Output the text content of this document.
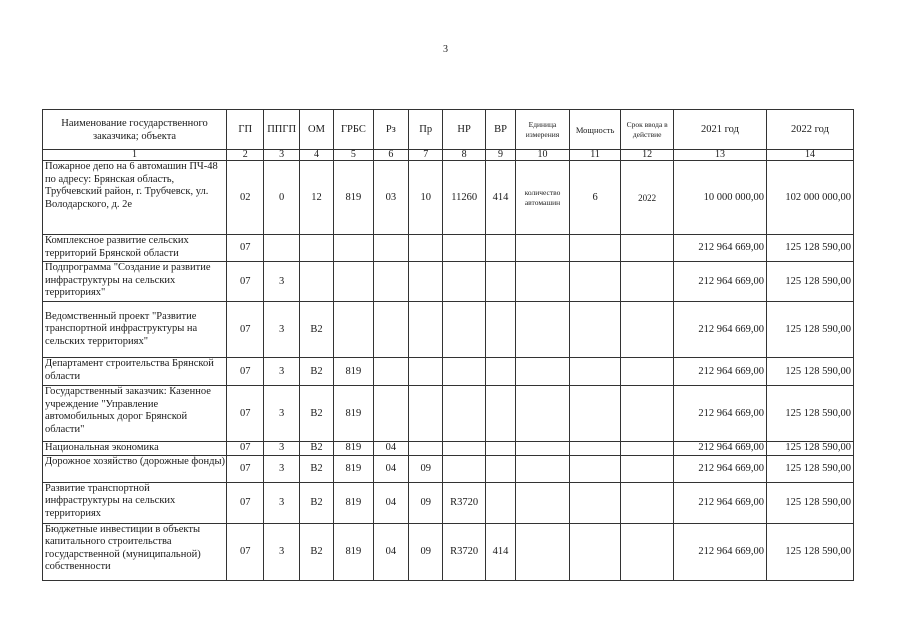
3
Наименование государственного заказчика; объекта	ГП	ППГП	ОМ	ГРБС	Рз	Пр	НР	ВР	Единица измерения	Мощность	Срок ввода в действие	2021 год	2022 год
1	2	3	4	5	6	7	8	9	10	11	12	13	14
Пожарное депо на 6 автомашин ПЧ-48 по адресу: Брянская область, Трубчевский район, г. Трубчевск, ул. Володарского, д. 2е	02	0	12	819	03	10	11260	414	количество автомашин	6	2022	10 000 000,00	102 000 000,00
Комплексное развитие сельских территорий Брянской области	07											212 964 669,00	125 128 590,00
Подпрограмма "Создание и развитие инфраструктуры на сельских территориях"	07	3										212 964 669,00	125 128 590,00
Ведомственный проект "Развитие транспортной инфраструктуры на сельских территориях"	07	3	В2									212 964 669,00	125 128 590,00
Департамент строительства Брянской области	07	3	В2	819								212 964 669,00	125 128 590,00
Государственный заказчик: Казенное учреждение "Управление автомобильных дорог Брянской области"	07	3	В2	819								212 964 669,00	125 128 590,00
Национальная экономика	07	3	В2	819	04							212 964 669,00	125 128 590,00
Дорожное хозяйство (дорожные фонды)	07	3	В2	819	04	09						212 964 669,00	125 128 590,00
Развитие транспортной инфраструктуры на сельских территориях	07	3	В2	819	04	09	R3720					212 964 669,00	125 128 590,00
Бюджетные инвестиции в объекты капитального строительства государственной (муниципальной) собственности	07	3	В2	819	04	09	R3720	414				212 964 669,00	125 128 590,00
